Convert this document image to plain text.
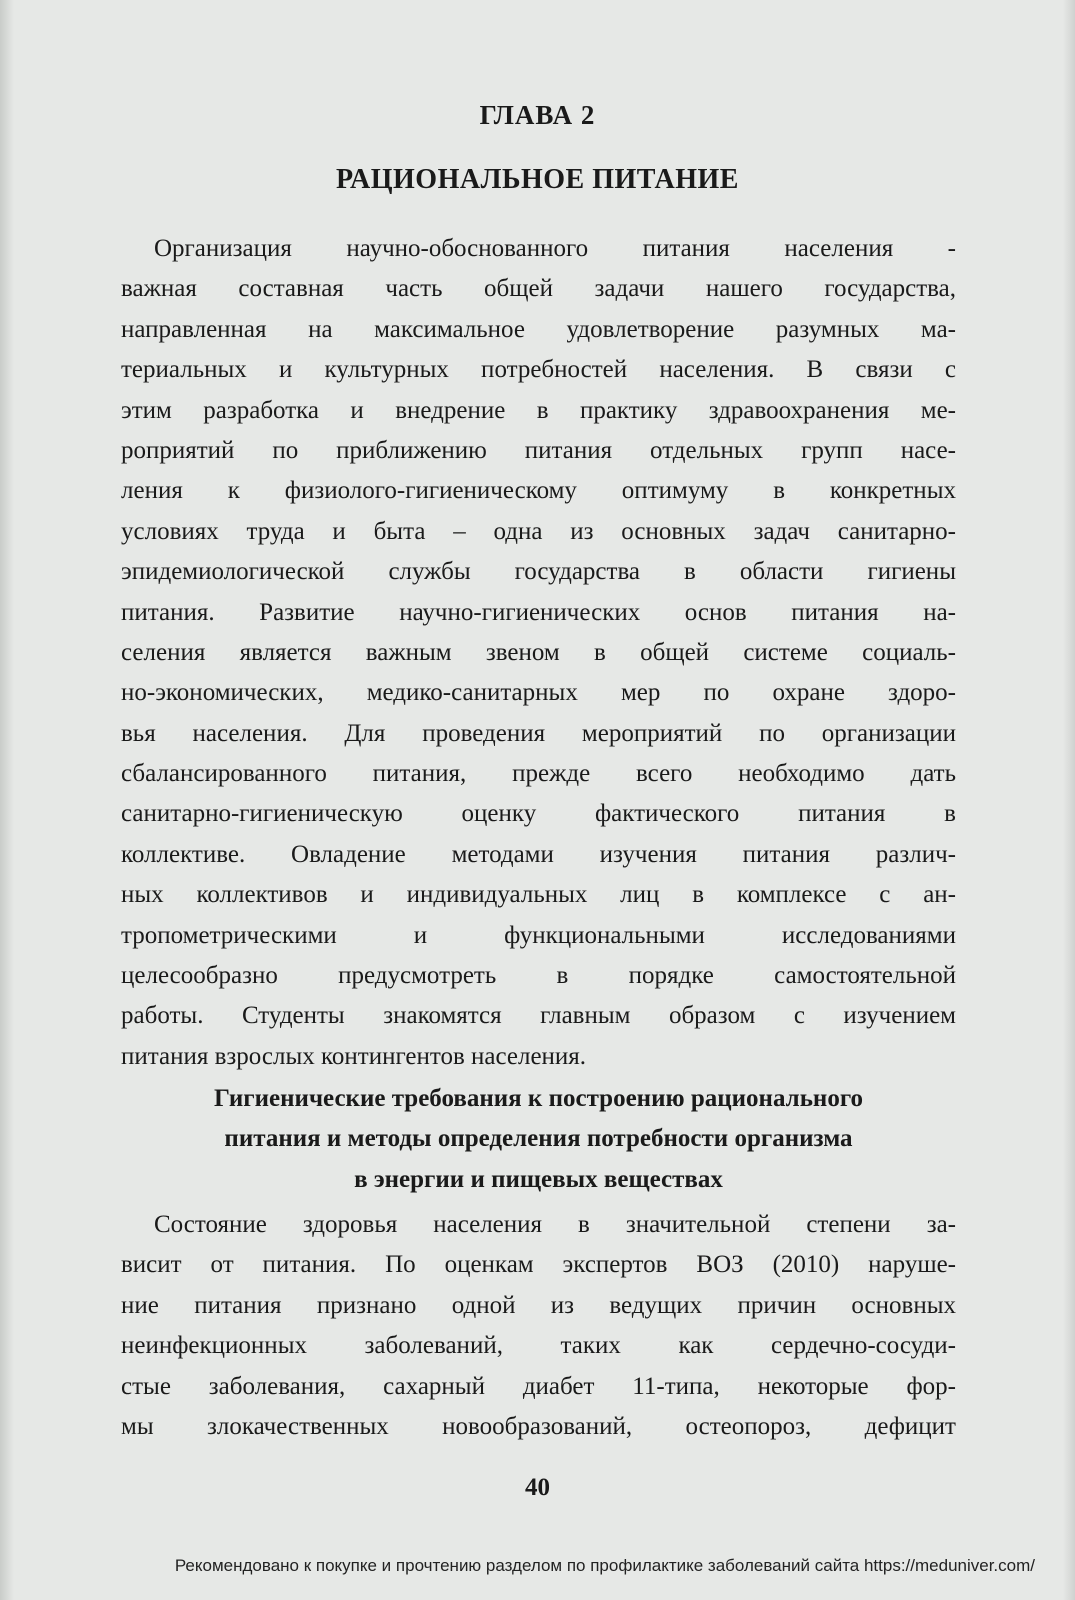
ГЛАВА 2
РАЦИОНАЛЬНОЕ ПИТАНИЕ
Организация научно-обоснованного питания населения -
важная составная часть общей задачи нашего государства,
направленная на максимальное удовлетворение разумных ма-
териальных и культурных потребностей населения. В связи с
этим разработка и внедрение в практику здравоохранения ме-
роприятий по приближению питания отдельных групп насе-
ления к физиолого-гигиеническому оптимуму в конкретных
условиях труда и быта – одна из основных задач санитарно-
эпидемиологической службы государства в области гигиены
питания. Развитие научно-гигиенических основ питания на-
селения является важным звеном в общей системе социаль-
но-экономических, медико-санитарных мер по охране здоро-
вья населения. Для проведения мероприятий по организации
сбалансированного питания, прежде всего необходимо дать
санитарно-гигиеническую оценку фактического питания в
коллективе. Овладение методами изучения питания различ-
ных коллективов и индивидуальных лиц в комплексе с ан-
тропометрическими и функциональными исследованиями
целесообразно предусмотреть в порядке самостоятельной
работы. Студенты знакомятся главным образом с изучением
питания взрослых контингентов населения.
Гигиенические требования к построению рационального
питания и методы определения потребности организма
в энергии и пищевых веществах
Состояние здоровья населения в значительной степени за-
висит от питания. По оценкам экспертов ВОЗ (2010) наруше-
ние питания признано одной из ведущих причин основных
неинфекционных заболеваний, таких как сердечно-сосуди-
стые заболевания, сахарный диабет 11-типа, некоторые фор-
мы злокачественных новообразований, остеопороз, дефицит
40
Рекомендовано к покупке и прочтению разделом по профилактике заболеваний сайта https://meduniver.com/
